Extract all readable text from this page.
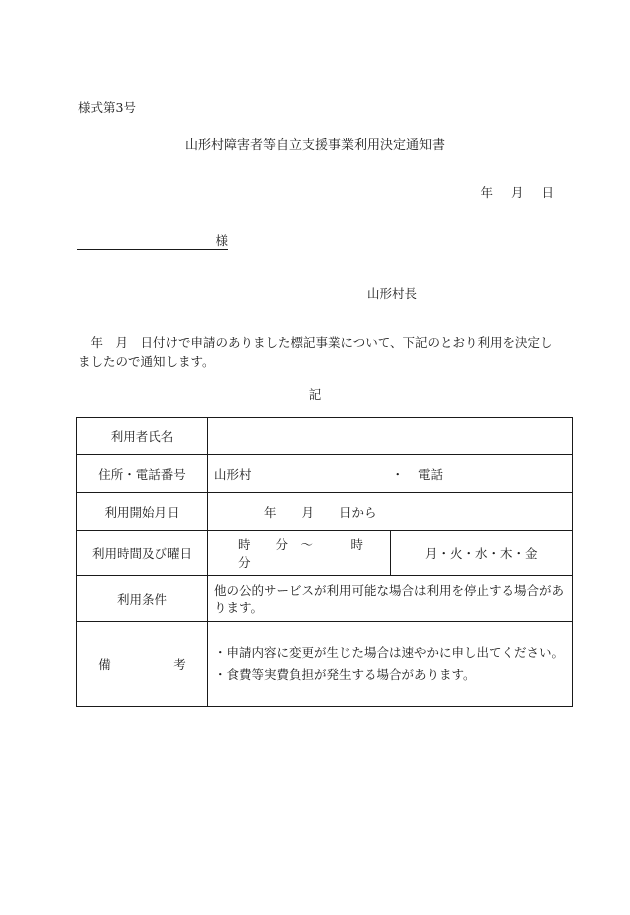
様式第3号
山形村障害者等自立支援事業利用決定通知書
年 月 日
様
山形村長
　年　月　日付けで申請のありました標記事業について、下記のとおり利用を決定しましたので通知します。
記
利用者氏名		
住所・電話番号	山形村 ・ 電話	
利用開始月日	年　　月　　日から	
利用時間及び曜日	時　　分　～　　　時　　分	月・火・水・木・金
利用条件	他の公的サービスが利用可能な場合は利用を停止する場合があります。	
備　　　　　考	・申請内容に変更が生じた場合は速やかに申し出てください。
・食費等実費負担が発生する場合があります。	
